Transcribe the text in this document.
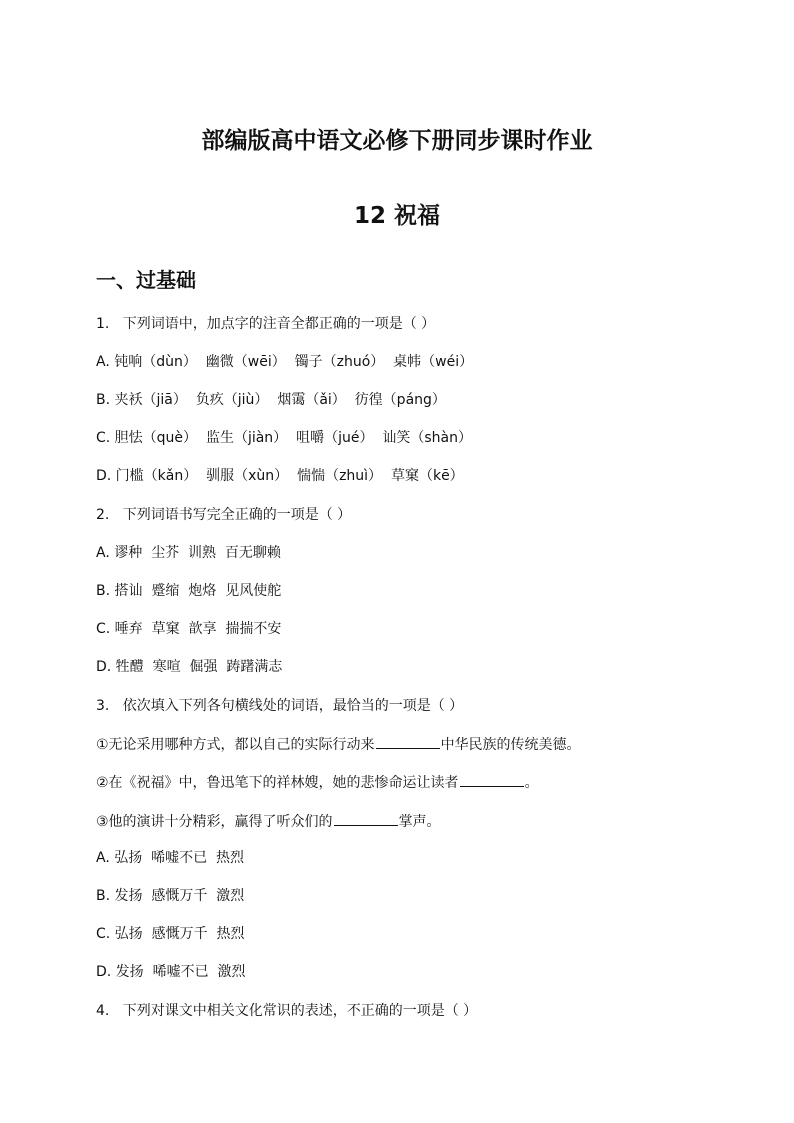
部编版高中语文必修下册同步课时作业
12 祝福
一、过基础
1.   下列词语中，加点字的注音全都正确的一项是（ ）
A. 钝响（dùn）  幽微（wēi）  镯子（zhuó）  桌帏（wéi）
B. 夹袄（jiā）  负疚（jiù）  烟霭（ǎi）  彷徨（páng）
C. 胆怯（què）  监生（jiàn）  咀嚼（jué）  讪笑（shàn）
D. 门槛（kǎn）  驯服（xùn）  惴惴（zhuì）  草窠（kē）
2.   下列词语书写完全正确的一项是（ ）
A. 谬种  尘芥  训熟  百无聊赖
B. 搭讪  蹙缩  炮烙  见风使舵
C. 唾弃  草窠  歆享  揣揣不安
D. 牲醴  寒喧  倔强  踌躇满志
3.   依次填入下列各句横线处的词语，最恰当的一项是（ ）
①无论采用哪种方式，都以自己的实际行动来	中华民族的传统美德。
②在《祝福》中，鲁迅笔下的祥林嫂，她的悲惨命运让读者	。
③他的演讲十分精彩，赢得了听众们的	掌声。
A. 弘扬  唏嘘不已  热烈
B. 发扬  感慨万千  激烈
C. 弘扬  感慨万千  热烈
D. 发扬  唏嘘不已  激烈
4.   下列对课文中相关文化常识的表述，不正确的一项是（ ）
